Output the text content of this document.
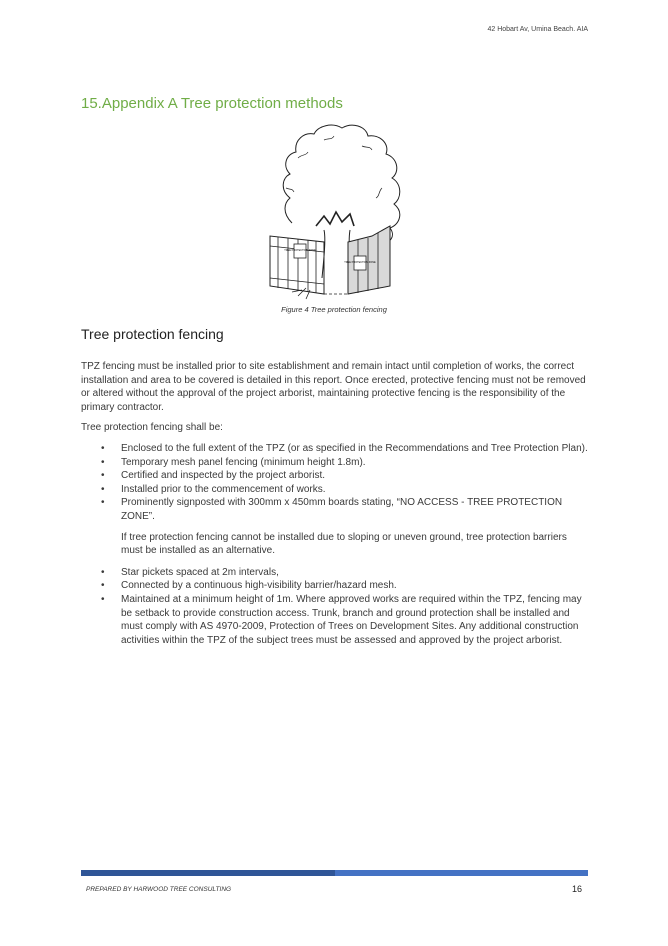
42 Hobart Av, Umina Beach. AIA
15.Appendix A Tree protection methods
TREE PROTECTION ZONE
TREE PROTECTION ZONE
Figure 4 Tree protection fencing
Tree protection fencing

TPZ fencing must be installed prior to site establishment and remain intact until completion of works, the correct installation and area to be covered is detailed in this report. Once erected, protective fencing must not be removed or altered without the approval of the project arborist, maintaining protective fencing is the responsibility of the primary contractor.

Tree protection fencing shall be:

• Enclosed to the full extent of the TPZ (or as specified in the Recommendations and Tree Protection Plan).
• Temporary mesh panel fencing (minimum height 1.8m).
• Certified and inspected by the project arborist.
• Installed prior to the commencement of works.
• Prominently signposted with 300mm x 450mm boards stating, “NO ACCESS - TREE PROTECTION ZONE”.

If tree protection fencing cannot be installed due to sloping or uneven ground, tree protection barriers must be installed as an alternative.

• Star pickets spaced at 2m intervals,
• Connected by a continuous high-visibility barrier/hazard mesh.
• Maintained at a minimum height of 1m. Where approved works are required within the TPZ, fencing may be setback to provide construction access. Trunk, branch and ground protection shall be installed and must comply with AS 4970-2009, Protection of Trees on Development Sites. Any additional construction activities within the TPZ of the subject trees must be assessed and approved by the project arborist.
PREPARED BY HARWOOD TREE CONSULTING	16
